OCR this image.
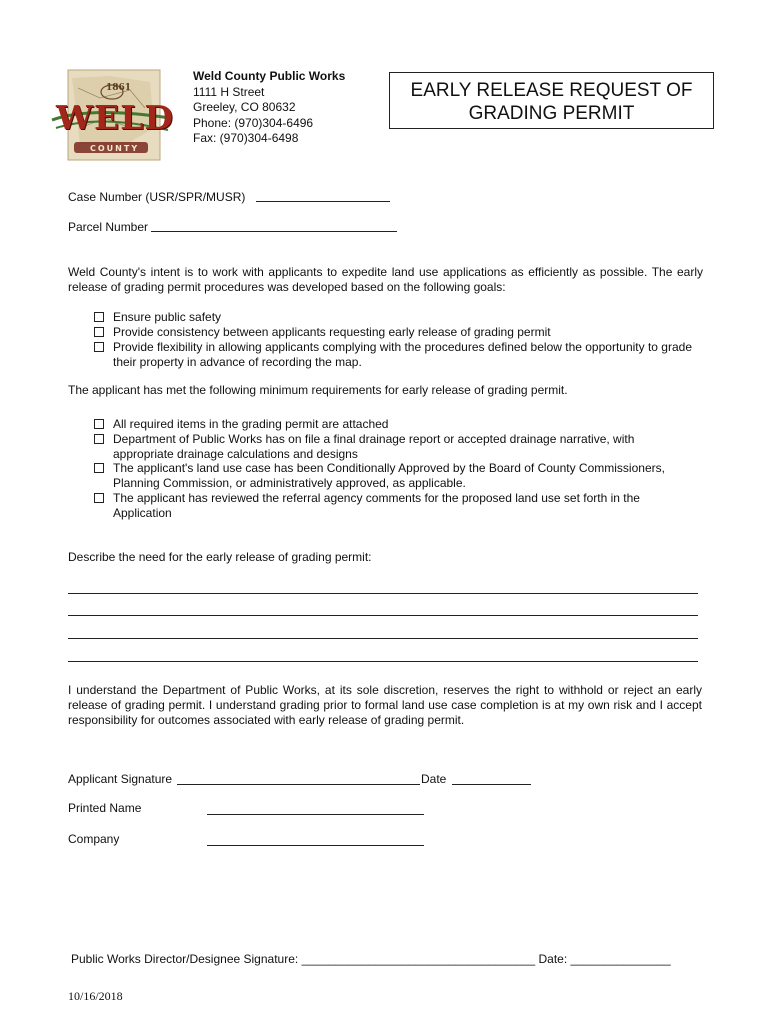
1861
WELD
COUNTY
Weld County Public Works
1111 H Street
Greeley, CO 80632
Phone: (970)304-6496
Fax: (970)304-6498
EARLY RELEASE REQUEST OF
GRADING PERMIT
Case Number (USR/SPR/MUSR)
Parcel Number
Weld County's intent is to work with applicants to expedite land use applications as efficiently as possible. The early release of grading permit procedures was developed based on the following goals:
Ensure public safety
Provide consistency between applicants requesting early release of grading permit
Provide flexibility in allowing applicants complying with the procedures defined below the opportunity to grade their property in advance of recording the map.
The applicant has met the following minimum requirements for early release of grading permit.
All required items in the grading permit are attached
Department of Public Works has on file a final drainage report or accepted drainage narrative, with appropriate drainage calculations and designs
The applicant's land use case has been Conditionally Approved by the Board of County Commissioners, Planning Commission, or administratively approved, as applicable.
The applicant has reviewed the referral agency comments for the proposed land use set forth in the Application
Describe the need for the early release of grading permit:
I understand the Department of Public Works, at its sole discretion, reserves the right to withhold or reject an early release of grading permit. I understand grading prior to formal land use case completion is at my own risk and I accept responsibility for outcomes associated with early release of grading permit.
Applicant Signature	Date
Printed Name
Company
Public Works Director/Designee Signature: ___________________________________ Date: _______________
10/16/2018
